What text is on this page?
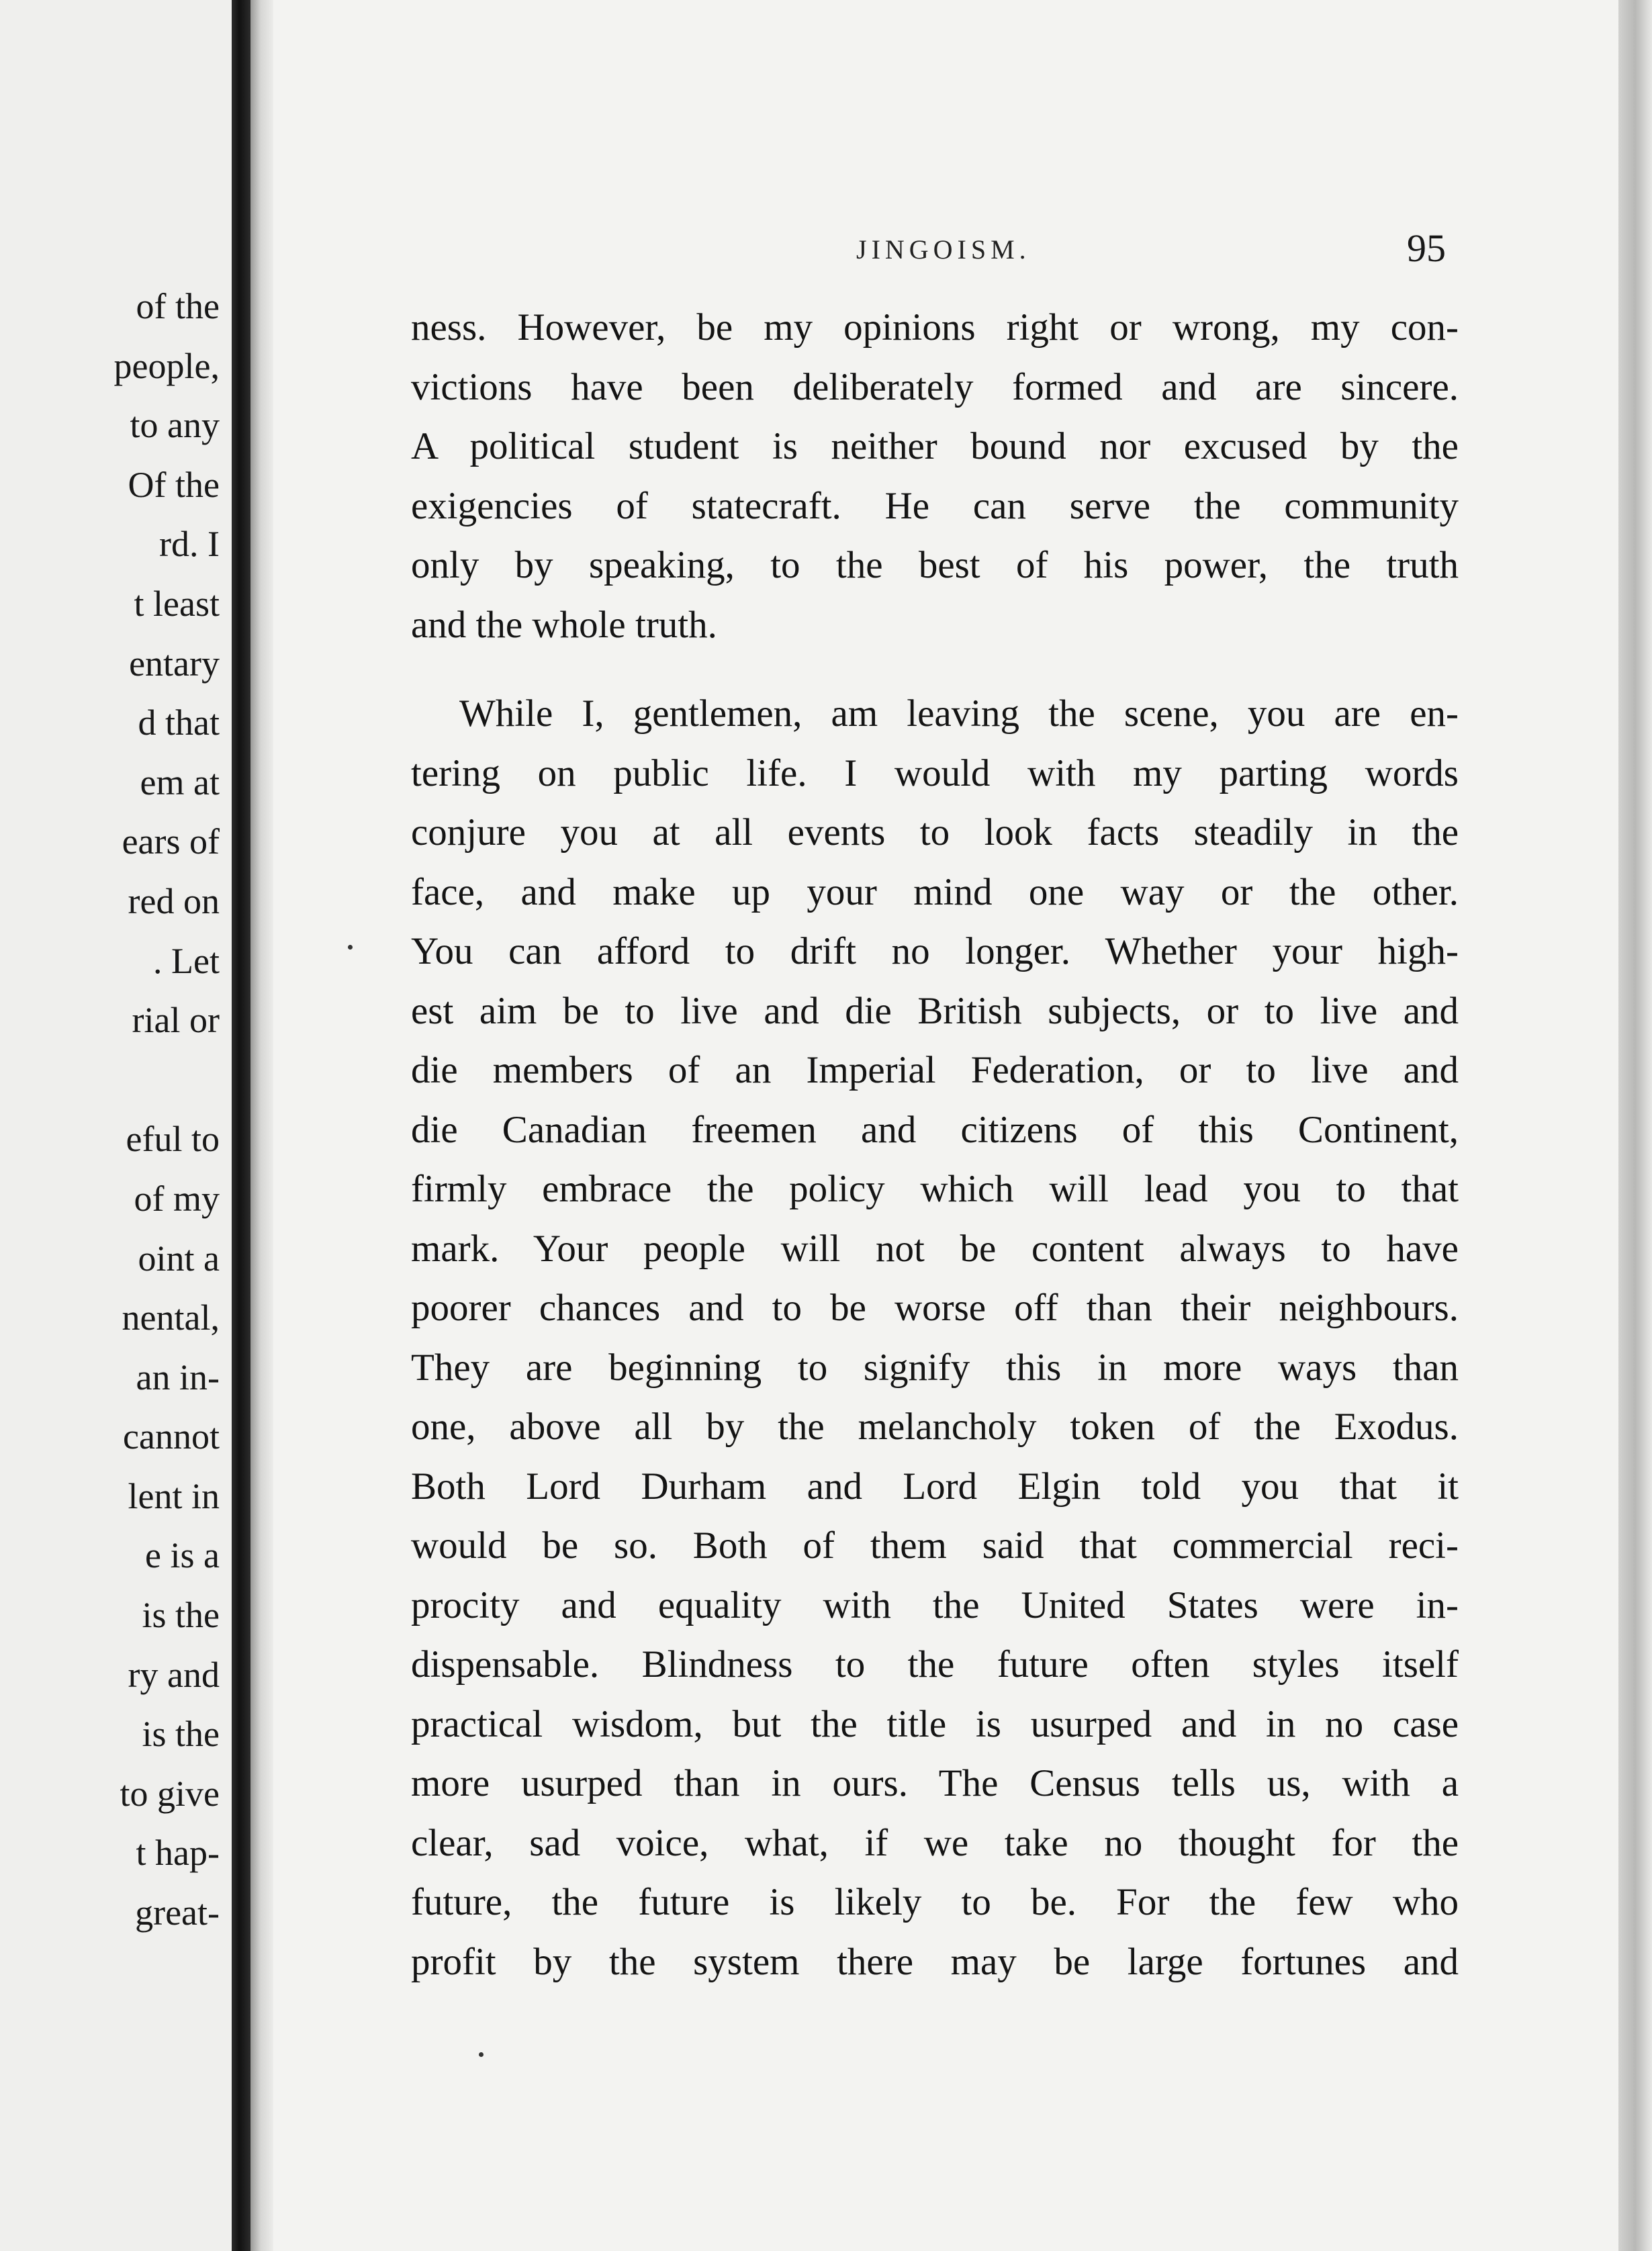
of the
people,
to any
Of the
rd. I
t least
entary
d that
em at
ears of
red on
. Let
rial or
eful to
of my
oint a
nental,
an in-
cannot
lent in
e is a
is the
ry and
is the
to give
t hap-
great-
JINGOISM.	95
ness. However, be my opinions right or wrong, my con-
victions have been deliberately formed and are sincere.
A political student is neither bound nor excused by the
exigencies of statecraft. He can serve the community
only by speaking, to the best of his power, the truth
and the whole truth.
While I, gentlemen, am leaving the scene, you are en-
tering on public life. I would with my parting words
conjure you at all events to look facts steadily in the
face, and make up your mind one way or the other.
You can afford to drift no longer. Whether your high-
est aim be to live and die British subjects, or to live and
die members of an Imperial Federation, or to live and
die Canadian freemen and citizens of this Continent,
firmly embrace the policy which will lead you to that
mark. Your people will not be content always to have
poorer chances and to be worse off than their neighbours.
They are beginning to signify this in more ways than
one, above all by the melancholy token of the Exodus.
Both Lord Durham and Lord Elgin told you that it
would be so. Both of them said that commercial reci-
procity and equality with the United States were in-
dispensable. Blindness to the future often styles itself
practical wisdom, but the title is usurped and in no case
more usurped than in ours. The Census tells us, with a
clear, sad voice, what, if we take no thought for the
future, the future is likely to be. For the few who
profit by the system there may be large fortunes and
